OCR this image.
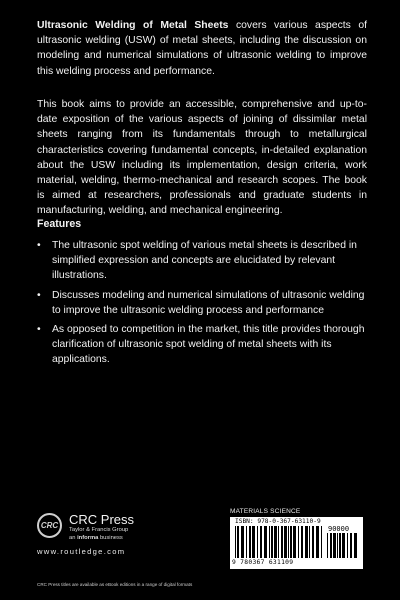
Ultrasonic Welding of Metal Sheets covers various aspects of ultrasonic welding (USW) of metal sheets, including the discussion on modeling and numerical simulations of ultrasonic welding to improve this welding process and performance.

This book aims to provide an accessible, comprehensive and up-to-date exposition of the various aspects of joining of dissimilar metal sheets ranging from its fundamentals through to metallurgical characteristics covering fundamental concepts, in-detailed explanation about the USW including its implementation, design criteria, work material, welding, thermo-mechanical and research scopes. The book is aimed at researchers, professionals and graduate students in manufacturing, welding, and mechanical engineering.

Features

• The ultrasonic spot welding of various metal sheets is described in simplified expression and concepts are elucidated by relevant illustrations.
• Discusses modeling and numerical simulations of ultrasonic welding to improve the ultrasonic welding process and performance
• As opposed to competition in the market, this title provides thorough clarification of ultrasonic spot welding of metal sheets with its applications.
CRC CRC Press

Taylor & Francis Group
an informa business
www.routledge.com
CRC Press titles are available as eBook editions in a range of digital formats
MATERIALS SCIENCE
ISBN: 978-0-367-63110-9
90000
9 780367 631109
